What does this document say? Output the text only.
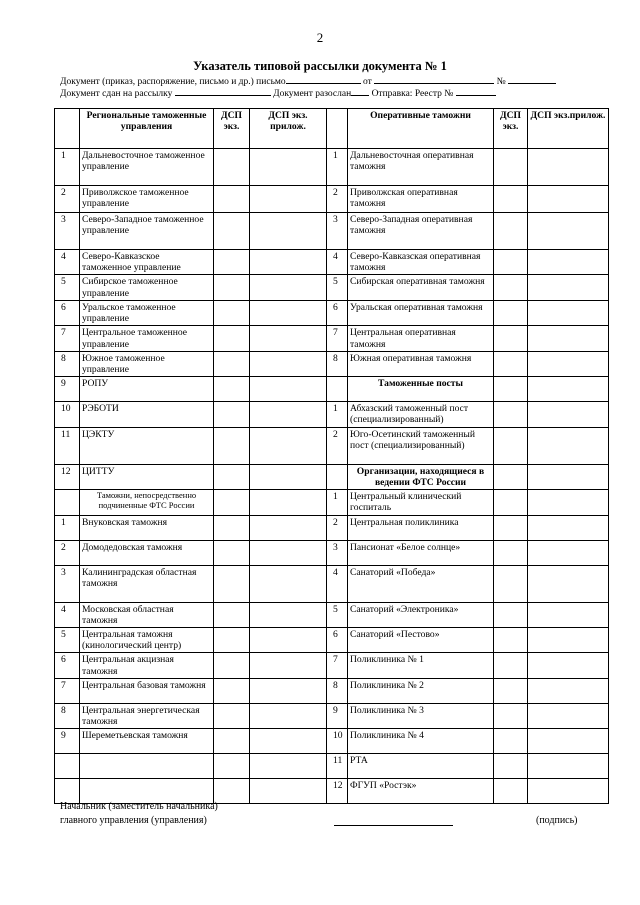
2
Указатель типовой рассылки документа № 1
Документ (приказ, распоряжение, письмо и др.) письмо	от	№
Документ сдан на рассылку	Документ разослан Отправка: Реестр №
	Региональные таможенные управления	ДСП экз.	ДСП экз. прилож.		Оперативные таможни	ДСП экз.	ДСП экз.прилож.
1	Дальневосточное таможенное управление			1	Дальневосточная оперативная таможня		
2	Приволжское таможенное управление			2	Приволжская оперативная таможня		
3	Северо-Западное таможенное управление			3	Северо-Западная оперативная таможня		
4	Северо-Кавказское таможенное управление			4	Северо-Кавказская оперативная таможня		
5	Сибирское таможенное управление			5	Сибирская оперативная таможня		
6	Уральское таможенное управление			6	Уральская оперативная таможня		
7	Центральное таможенное управление			7	Центральная оперативная таможня		
8	Южное таможенное управление			8	Южная оперативная таможня		
9	РОПУ				Таможенные посты		
10	РЭБОТИ			1	Абхазский таможенный пост (специализированный)		
11	ЦЭКТУ			2	Юго-Осетинский таможенный пост (специализированный)		
12	ЦИТТУ				Организации, находящиеся в ведении ФТС России		
	Таможни, непосредственно подчиненные ФТС России			1	Центральный клинический госпиталь		
1	Внуковская таможня			2	Центральная поликлиника		
2	Домодедовская таможня			3	Пансионат «Белое солнце»		
3	Калининградская областная таможня			4	Санаторий «Победа»		
4	Московская областная таможня			5	Санаторий «Электроника»		
5	Центральная таможня (кинологический центр)			6	Санаторий «Пестово»		
6	Центральная акцизная таможня			7	Поликлиника № 1		
7	Центральная базовая таможня			8	Поликлиника № 2		
8	Центральная энергетическая таможня			9	Поликлиника № 3		
9	Шереметьевская таможня			10	Поликлиника № 4		
				11	РТА		
				12	ФГУП «Ростэк»		
Начальник (заместитель начальника)
главного управления (управления)	(подпись)
